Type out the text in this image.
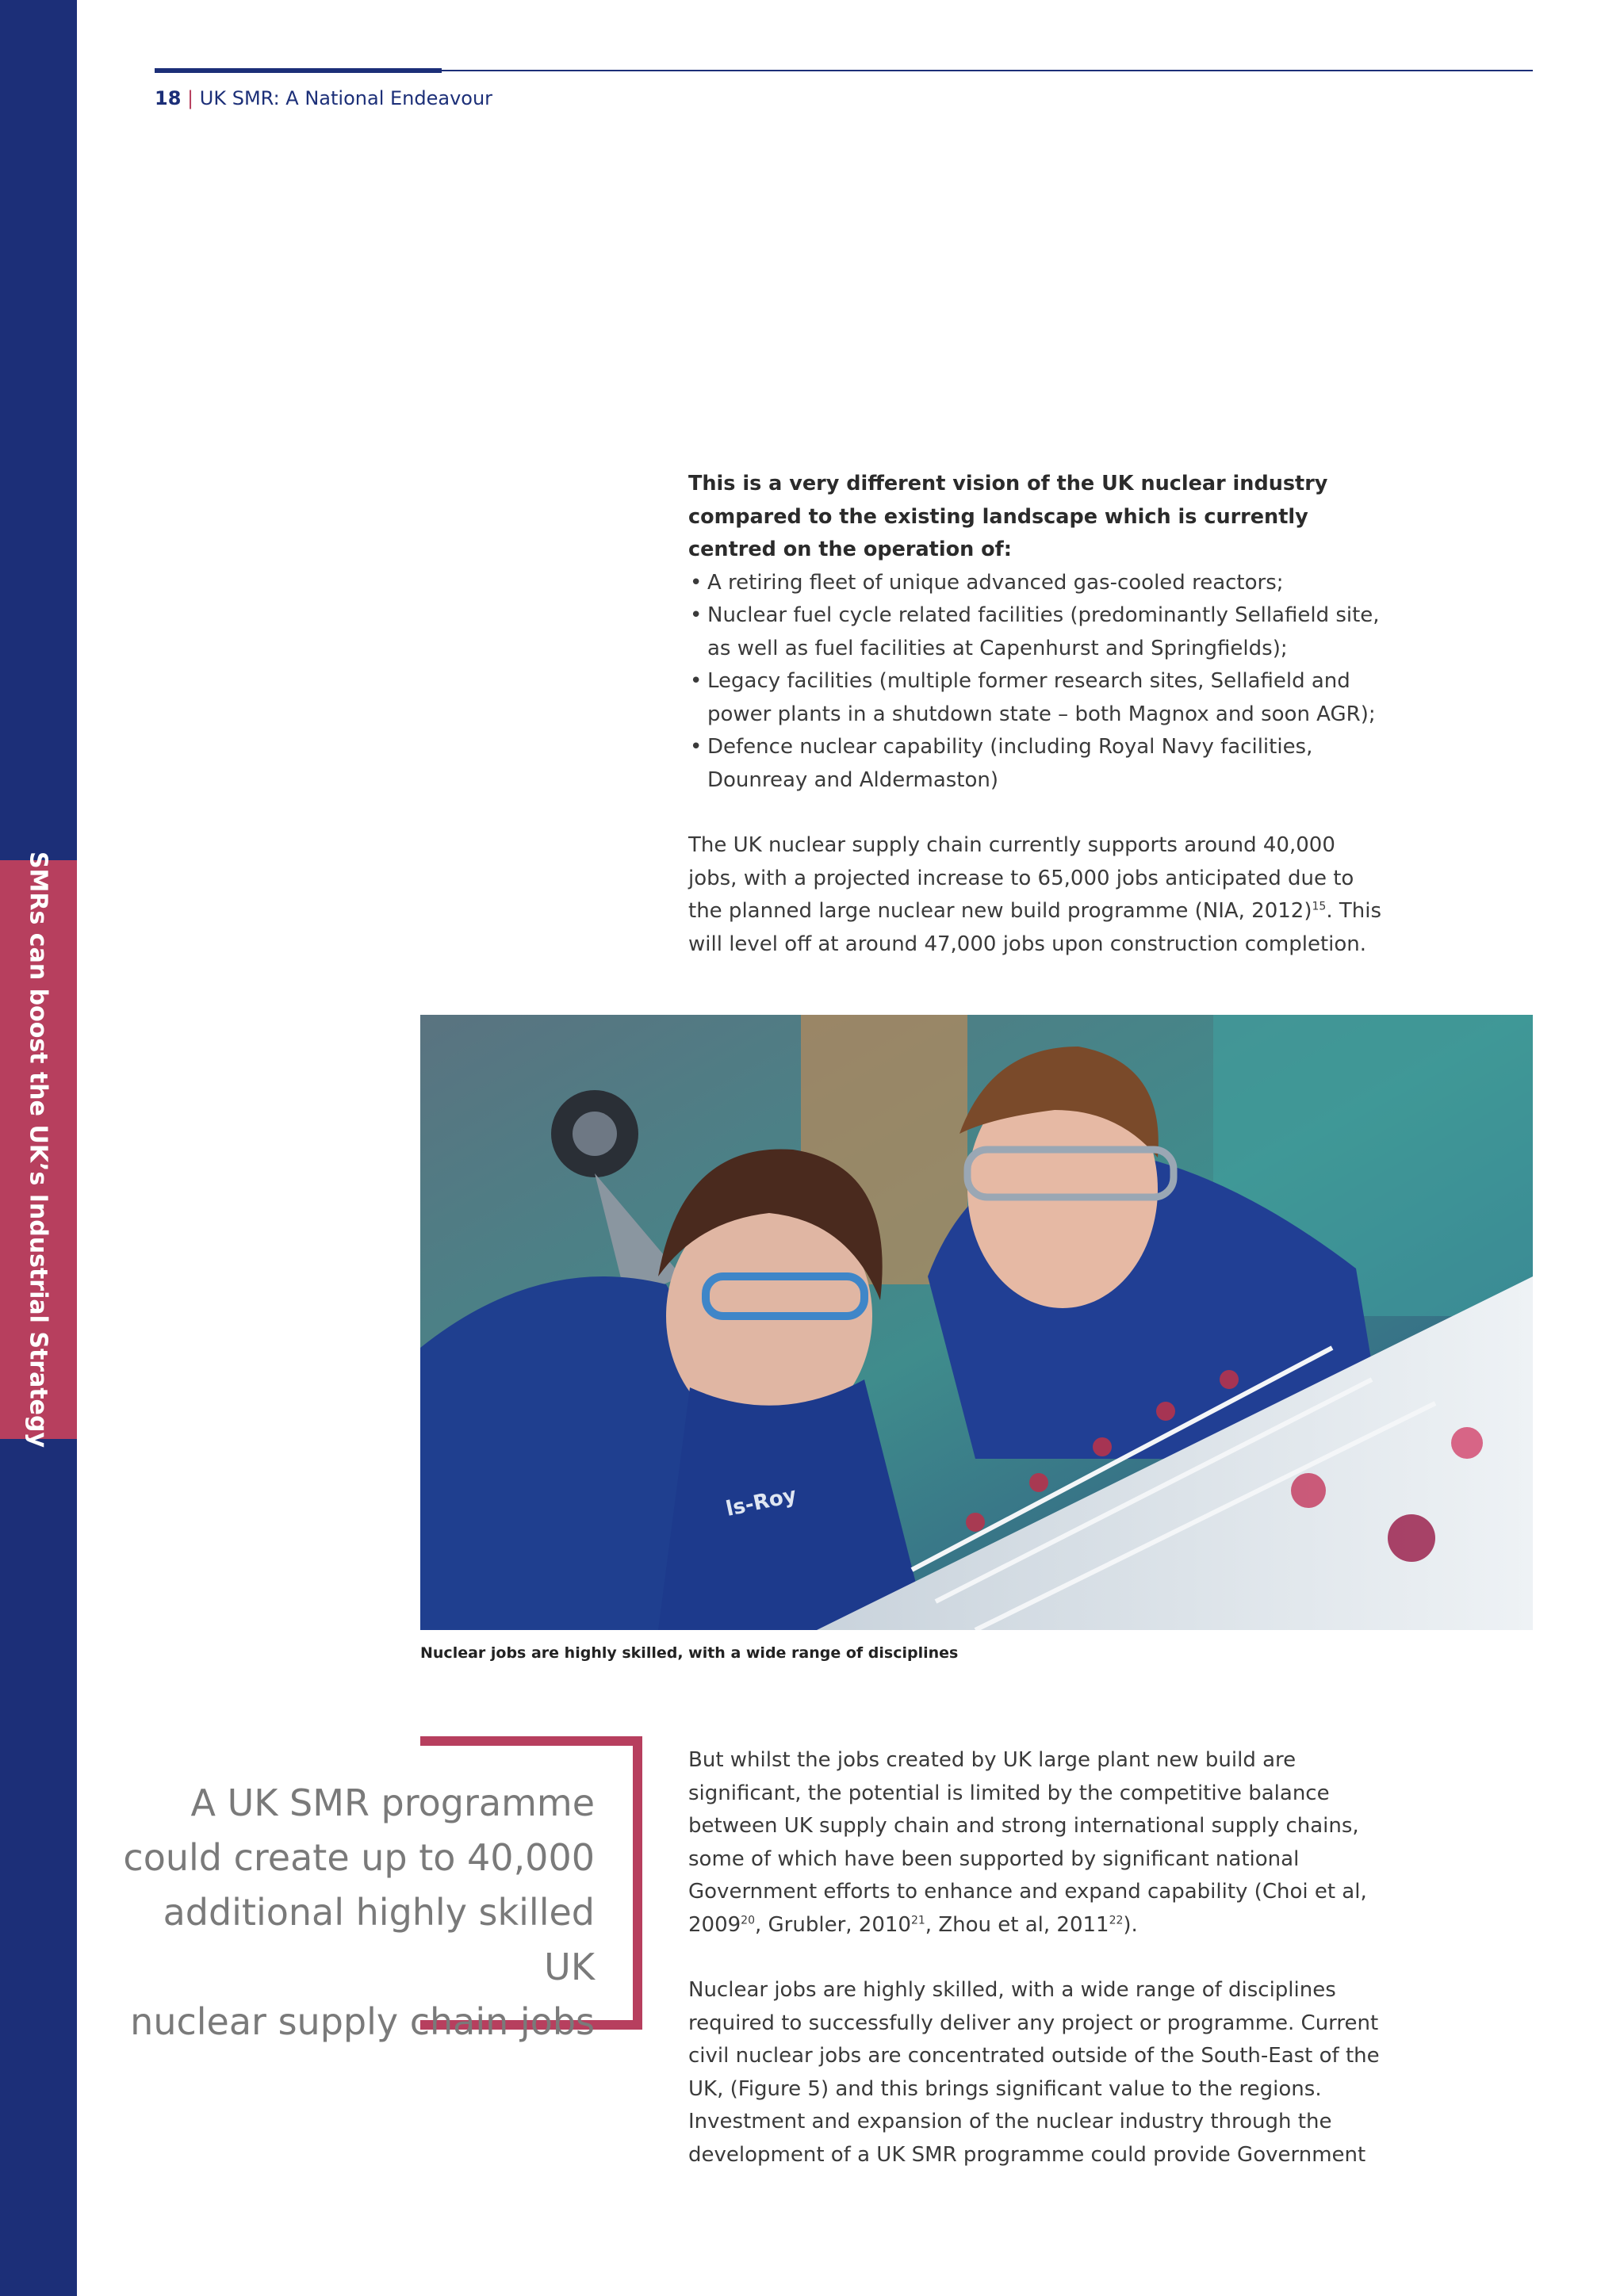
SMRs can boost the UK’s Industrial Strategy
18 | UK SMR: A National Endeavour

This is a very different vision of the UK nuclear industry compared to the existing landscape which is currently centred on the operation of:

• A retiring fleet of unique advanced gas-cooled reactors;
• Nuclear fuel cycle related facilities (predominantly Sellafield site, as well as fuel facilities at Capenhurst and Springfields);
• Legacy facilities (multiple former research sites, Sellafield and power plants in a shutdown state – both Magnox and soon AGR);
• Defence nuclear capability (including Royal Navy facilities, Dounreay and Aldermaston)

The UK nuclear supply chain currently supports around 40,000 jobs, with a projected increase to 65,000 jobs anticipated due to the planned large nuclear new build programme (NIA, 2012)$^{15}$. This will level off at around 47,000 jobs upon construction completion.

ls-Roy
Nuclear jobs are highly skilled, with a wide range of disciplines
A UK SMR programme
could create up to 40,000
additional highly skilled UK
nuclear supply chain jobs

But whilst the jobs created by UK large plant new build are significant, the potential is limited by the competitive balance between UK supply chain and strong international supply chains, some of which have been supported by significant national Government efforts to enhance and expand capability (Choi et al, 2009$^{20}$, Grubler, 2010$^{21}$, Zhou et al, 2011$^{22}$).

Nuclear jobs are highly skilled, with a wide range of disciplines required to successfully deliver any project or programme. Current civil nuclear jobs are concentrated outside of the South-East of the UK, (Figure 5) and this brings significant value to the regions. Investment and expansion of the nuclear industry through the development of a UK SMR programme could provide Government
